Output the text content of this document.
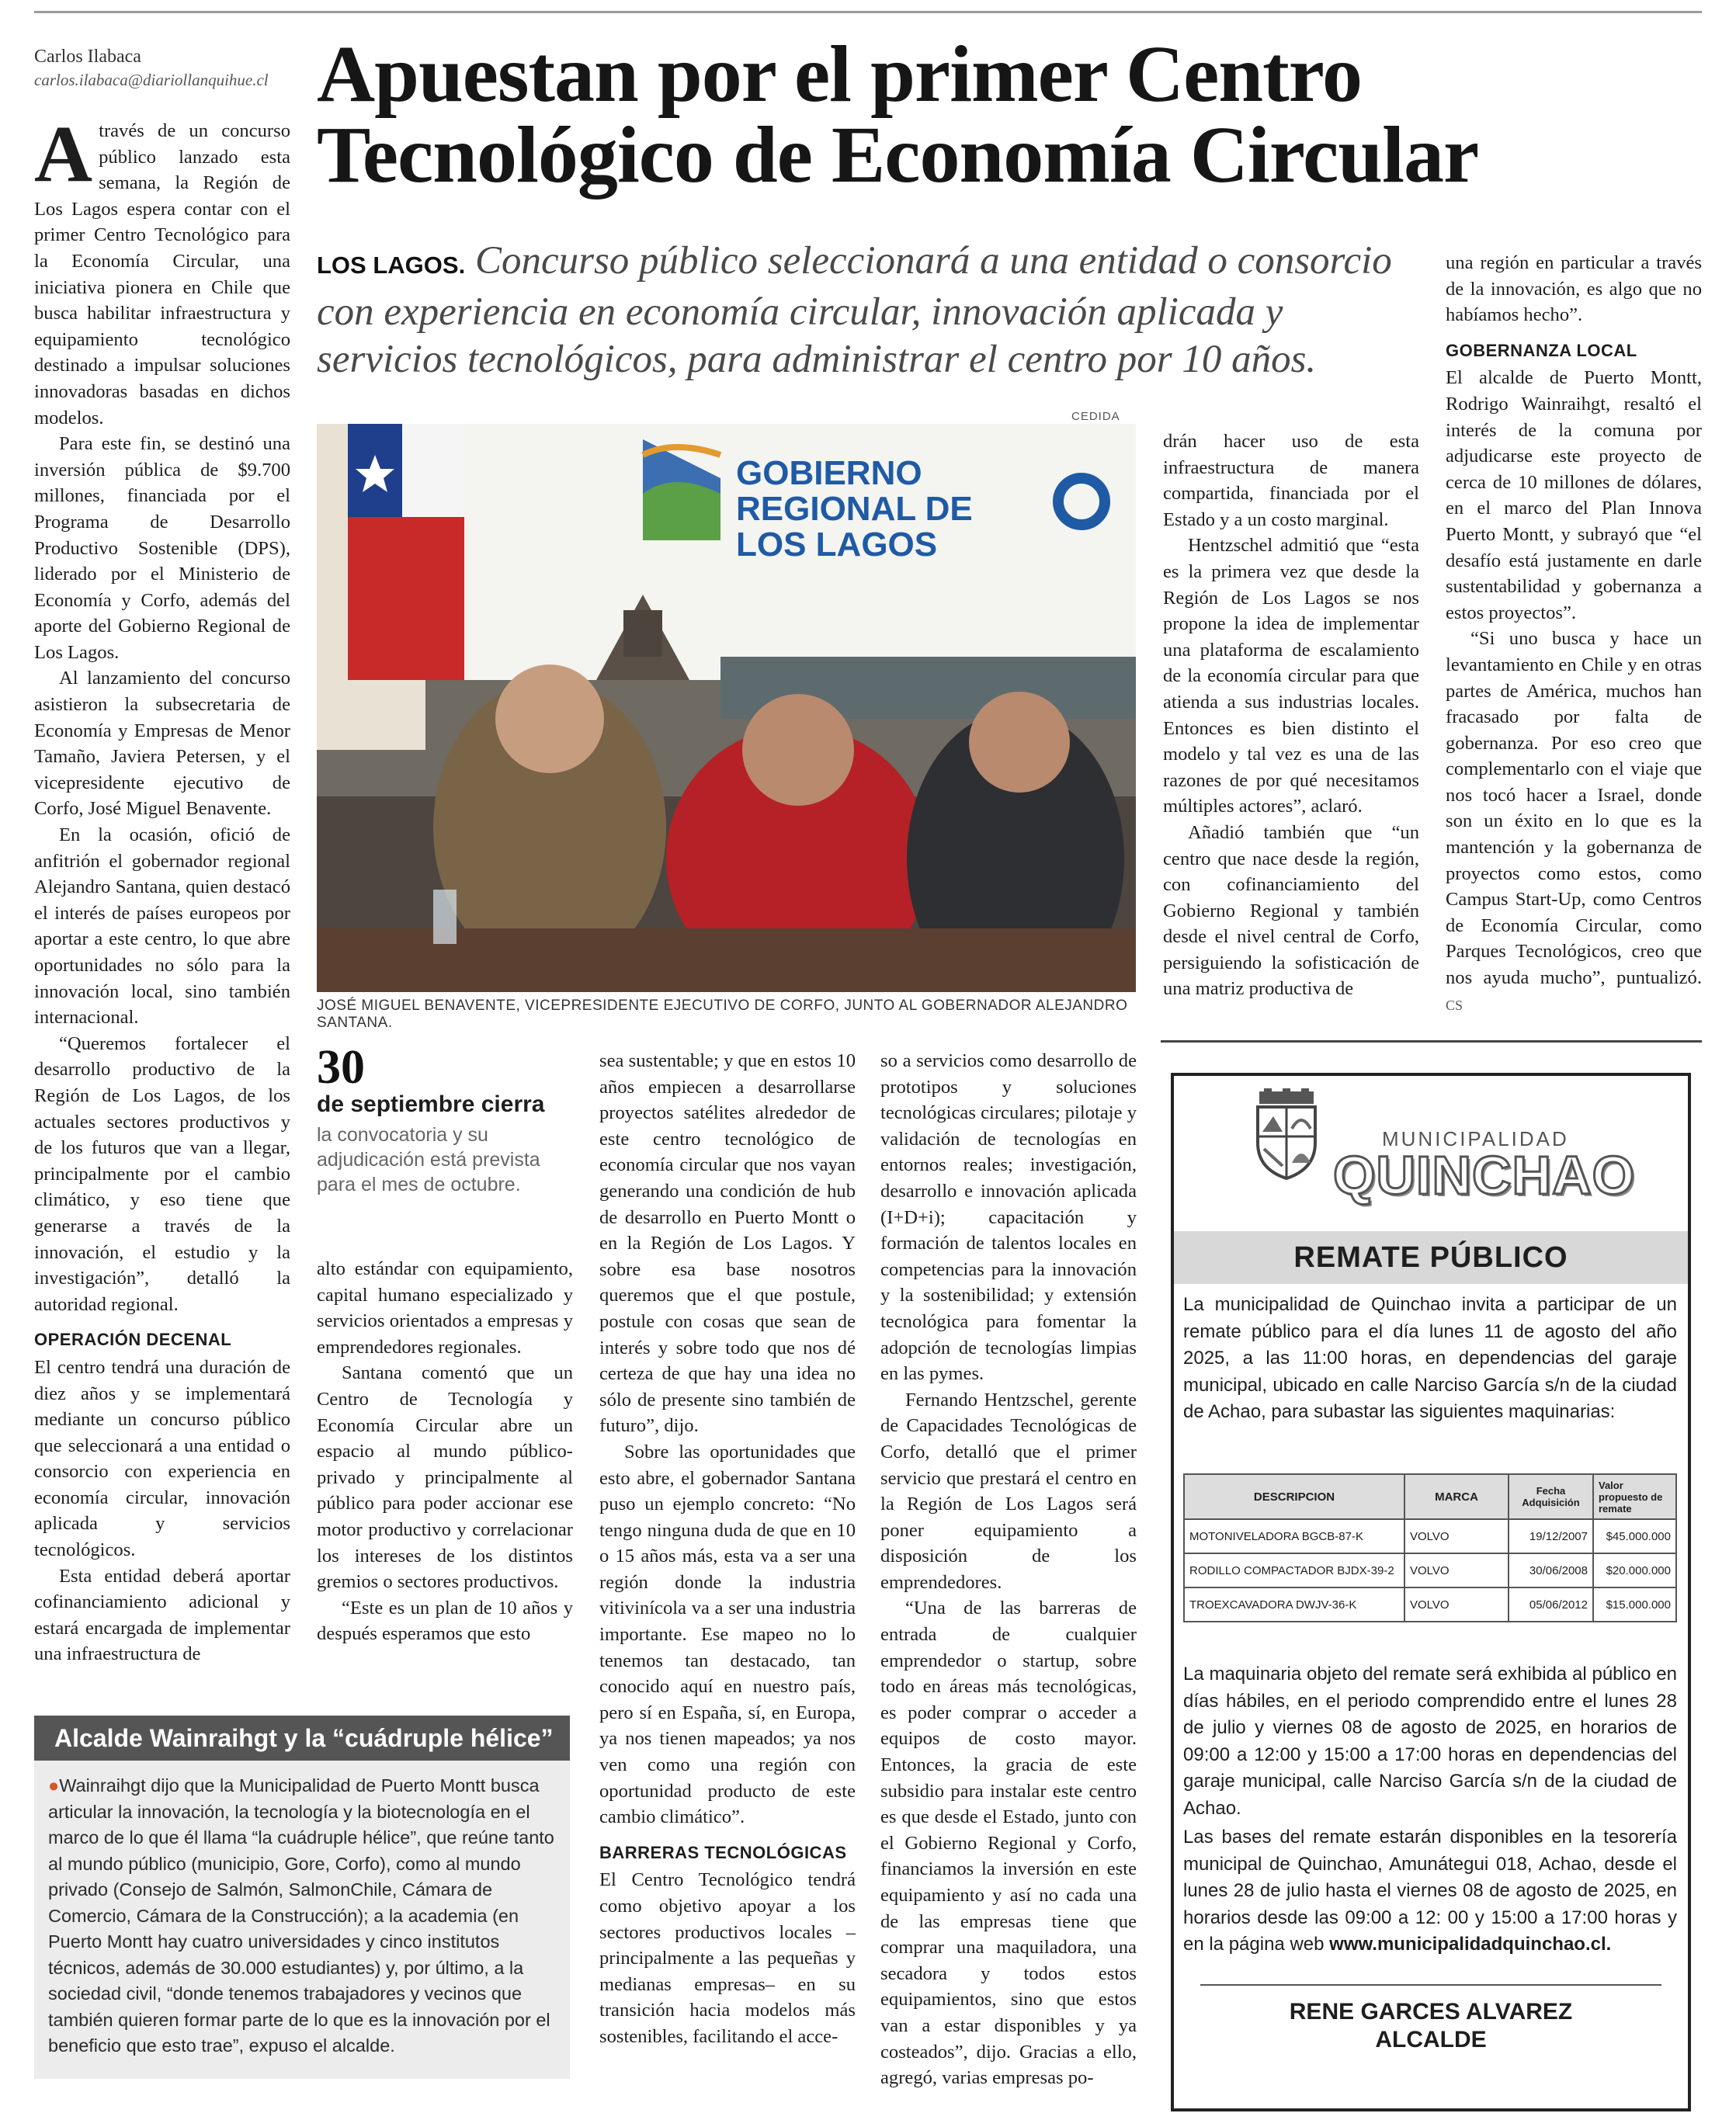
Carlos Ilabaca
carlos.ilabaca@diariollanquihue.cl Apuestan por el primer Centro Tecnológico de Economía Circular
LOS LAGOS. Concurso público seleccionará a una entidad o consorcio con experiencia en economía circular, innovación aplicada y servicios tecnológicos, para administrar el centro por 10 años.

Através de un concurso público lanzado esta semana, la Región de Los Lagos espera contar con el primer Centro Tecnológico para la Economía Circular, una iniciativa pionera en Chile que busca habilitar infraestructura y equipamiento tecnológico destinado a impulsar soluciones innovadoras basadas en dichos modelos.

Para este fin, se destinó una inversión pública de $9.700 millones, financiada por el Programa de Desarrollo Productivo Sostenible (DPS), liderado por el Ministerio de Economía y Corfo, además del aporte del Gobierno Regional de Los Lagos.

Al lanzamiento del concurso asistieron la subsecretaria de Economía y Empresas de Menor Tamaño, Javiera Petersen, y el vicepresidente ejecutivo de Corfo, José Miguel Benavente.

En la ocasión, ofició de anfitrión el gobernador regional Alejandro Santana, quien destacó el interés de países europeos por aportar a este centro, lo que abre oportunidades no sólo para la innovación local, sino también internacional.

“Queremos fortalecer el desarrollo productivo de la Región de Los Lagos, de los actuales sectores productivos y de los futuros que van a llegar, principalmente por el cambio climático, y eso tiene que generarse a través de la innovación, el estudio y la investigación”, detalló la autoridad regional.

OPERACIÓN DECENAL

El centro tendrá una duración de diez años y se implementará mediante un concurso público que seleccionará a una entidad o consorcio con experiencia en economía circular, innovación aplicada y servicios tecnológicos.

Esta entidad deberá aportar cofinanciamiento adicional y estará encargada de implementar una infraestructura de

CEDIDA
GOBIERNO
REGIONAL DE
LOS LAGOS
JOSÉ MIGUEL BENAVENTE, VICEPRESIDENTE EJECUTIVO DE CORFO, JUNTO AL GOBERNADOR ALEJANDRO SANTANA.
30
de septiembre cierra
la convocatoria y su adjudicación está prevista para el mes de octubre.

alto estándar con equipamiento, capital humano especializado y servicios orientados a empresas y emprendedores regionales.

Santana comentó que un Centro de Tecnología y Economía Circular abre un espacio al mundo público-privado y principalmente al público para poder accionar ese motor productivo y correlacionar los intereses de los distintos gremios o sectores productivos.

“Este es un plan de 10 años y después esperamos que esto

sea sustentable; y que en estos 10 años empiecen a desarrollarse proyectos satélites alrededor de este centro tecnológico de economía circular que nos vayan generando una condición de hub de desarrollo en Puerto Montt o en la Región de Los Lagos. Y sobre esa base nosotros queremos que el que postule, postule con cosas que sean de interés y sobre todo que nos dé certeza de que hay una idea no sólo de presente sino también de futuro”, dijo.

Sobre las oportunidades que esto abre, el gobernador Santana puso un ejemplo concreto: “No tengo ninguna duda de que en 10 o 15 años más, esta va a ser una región donde la industria vitivinícola va a ser una industria importante. Ese mapeo no lo tenemos tan destacado, tan conocido aquí en nuestro país, pero sí en España, sí, en Europa, ya nos tienen mapeados; ya nos ven como una región con oportunidad producto de este cambio climático”.

BARRERAS TECNOLÓGICAS

El Centro Tecnológico tendrá como objetivo apoyar a los sectores productivos locales – principalmente a las pequeñas y medianas empresas– en su transición hacia modelos más sostenibles, facilitando el acce-

so a servicios como desarrollo de prototipos y soluciones tecnológicas circulares; pilotaje y validación de tecnologías en entornos reales; investigación, desarrollo e innovación aplicada (I+D+i); capacitación y formación de talentos locales en competencias para la innovación y la sostenibilidad; y extensión tecnológica para fomentar la adopción de tecnologías limpias en las pymes.

Fernando Hentzschel, gerente de Capacidades Tecnológicas de Corfo, detalló que el primer servicio que prestará el centro en la Región de Los Lagos será poner equipamiento a disposición de los emprendedores.

“Una de las barreras de entrada de cualquier emprendedor o startup, sobre todo en áreas más tecnológicas, es poder comprar o acceder a equipos de costo mayor. Entonces, la gracia de este subsidio para instalar este centro es que desde el Estado, junto con el Gobierno Regional y Corfo, financiamos la inversión en este equipamiento y así no cada una de las empresas tiene que comprar una maquiladora, una secadora y todos estos equipamientos, sino que estos van a estar disponibles y ya costeados”, dijo. Gracias a ello, agregó, varias empresas po-

drán hacer uso de esta infraestructura de manera compartida, financiada por el Estado y a un costo marginal.

Hentzschel admitió que “esta es la primera vez que desde la Región de Los Lagos se nos propone la idea de implementar una plataforma de escalamiento de la economía circular para que atienda a sus industrias locales. Entonces es bien distinto el modelo y tal vez es una de las razones de por qué necesitamos múltiples actores”, aclaró.

Añadió también que “un centro que nace desde la región, con cofinanciamiento del Gobierno Regional y también desde el nivel central de Corfo, persiguiendo la sofisticación de una matriz productiva de

una región en particular a través de la innovación, es algo que no habíamos hecho”.

GOBERNANZA LOCAL

El alcalde de Puerto Montt, Rodrigo Wainraihgt, resaltó el interés de la comuna por adjudicarse este proyecto de cerca de 10 millones de dólares, en el marco del Plan Innova Puerto Montt, y subrayó que “el desafío está justamente en darle sustentabilidad y gobernanza a estos proyectos”.

“Si uno busca y hace un levantamiento en Chile y en otras partes de América, muchos han fracasado por falta de gobernanza. Por eso creo que complementarlo con el viaje que nos tocó hacer a Israel, donde son un éxito en lo que es la mantención y la gobernanza de proyectos como estos, como Campus Start-Up, como Centros de Economía Circular, como Parques Tecnológicos, creo que nos ayuda mucho”, puntualizó. CS

Alcalde Wainraihgt y la “cuádruple hélice”
●Wainraihgt dijo que la Municipalidad de Puerto Montt busca articular la innovación, la tecnología y la biotecnología en el marco de lo que él llama “la cuádruple hélice”, que reúne tanto al mundo público (municipio, Gore, Corfo), como al mundo privado (Consejo de Salmón, SalmonChile, Cámara de Comercio, Cámara de la Construcción); a la academia (en Puerto Montt hay cuatro universidades y cinco institutos técnicos, además de 30.000 estudiantes) y, por último, a la sociedad civil, “donde tenemos trabajadores y vecinos que también quieren formar parte de lo que es la innovación por el beneficio que esto trae”, expuso el alcalde.
MUNICIPALIDAD
QUINCHAO
REMATE PÚBLICO
La municipalidad de Quinchao invita a participar de un remate público para el día lunes 11 de agosto del año 2025, a las 11:00 horas, en dependencias del garaje municipal, ubicado en calle Narciso García s/n de la ciudad de Achao, para subastar las siguientes maquinarias:
DESCRIPCION	MARCA	Fecha Adquisición	Valor propuesto de remate
MOTONIVELADORA BGCB-87-K	VOLVO	19/12/2007	$45.000.000
RODILLO COMPACTADOR BJDX-39-2	VOLVO	30/06/2008	$20.000.000
TROEXCAVADORA DWJV-36-K	VOLVO	05/06/2012	$15.000.000
La maquinaria objeto del remate será exhibida al público en días hábiles, en el periodo comprendido entre el lunes 28 de julio y viernes 08 de agosto de 2025, en horarios de 09:00 a 12:00 y 15:00 a 17:00 horas en dependencias del garaje municipal, calle Narciso García s/n de la ciudad de Achao.
Las bases del remate estarán disponibles en la tesorería municipal de Quinchao, Amunátegui 018, Achao, desde el lunes 28 de julio hasta el viernes 08 de agosto de 2025, en horarios desde las 09:00 a 12: 00 y 15:00 a 17:00 horas y en la página web www.municipalidadquinchao.cl.
RENE GARCES ALVAREZ
ALCALDE
